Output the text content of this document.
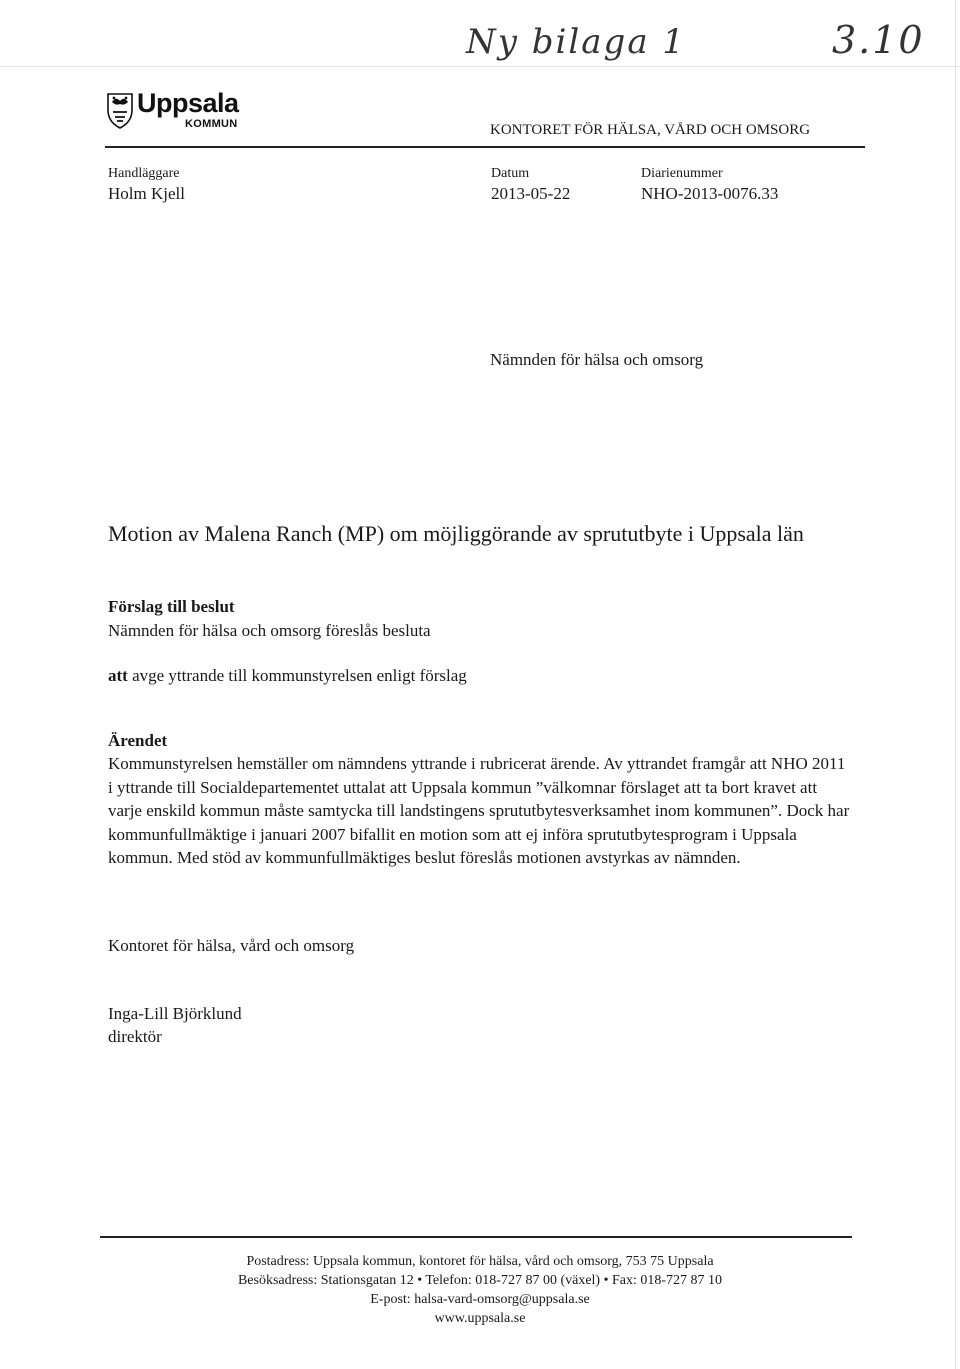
Ny bilaga 1	3.10
Uppsala
KOMMUN	KONTORET FÖR HÄLSA, VÅRD OCH OMSORG
Handläggare
Holm Kjell
Datum
2013-05-22
Diarienummer
NHO-2013-0076.33
Nämnden för hälsa och omsorg
Motion av Malena Ranch (MP) om möjliggörande av sprututbyte i Uppsala län
Förslag till beslut
Nämnden för hälsa och omsorg föreslås besluta
att avge yttrande till kommunstyrelsen enligt förslag
Ärendet
Kommunstyrelsen hemställer om nämndens yttrande i rubricerat ärende. Av yttrandet framgår att NHO 2011 i yttrande till Socialdepartementet uttalat att Uppsala kommun ”välkomnar förslaget att ta bort kravet att varje enskild kommun måste samtycka till landstingens sprututbytesverksamhet inom kommunen”. Dock har kommunfullmäktige i januari 2007 bifallit en motion som att ej införa sprututbytesprogram i Uppsala kommun. Med stöd av kommunfullmäktiges beslut föreslås motionen avstyrkas av nämnden.
Kontoret för hälsa, vård och omsorg
Inga-Lill Björklund
direktör
Postadress: Uppsala kommun, kontoret för hälsa, vård och omsorg, 753 75 Uppsala
Besöksadress: Stationsgatan 12 • Telefon: 018-727 87 00 (växel) • Fax: 018-727 87 10
E-post: halsa-vard-omsorg@uppsala.se
www.uppsala.se
